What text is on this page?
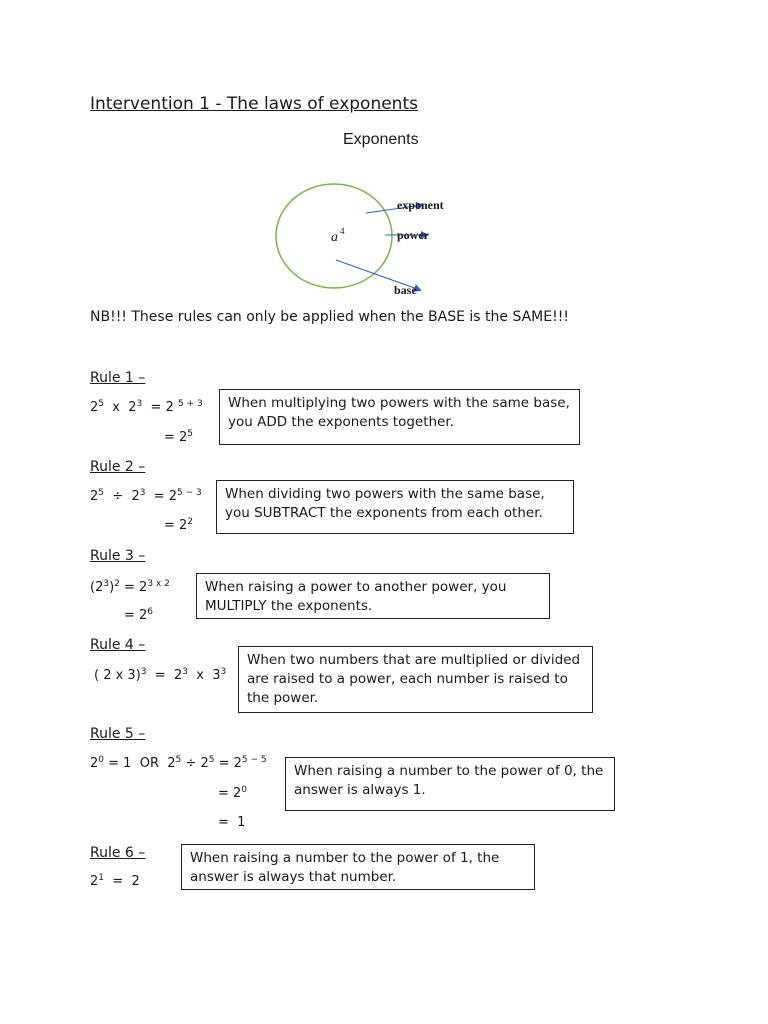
Intervention 1 - The laws of exponents
Exponents
a 4
exponent
power
base
NB!!! These rules can only be applied when the BASE is the SAME!!!
Rule 1 –
$2^5$ x $2^3 = 2$ $^{5 + 3}$
= $2^5$
When multiplying two powers with the same base, you ADD the exponents together.
Rule 2 –
$2^5 \div 2^3 = 2^{5 - 3}$
= $2^2$
When dividing two powers with the same base, you SUBTRACT the exponents from each other.
Rule 3 –
$(2^3)^2 = 2^{3 x 2}$
= $2^6$
When raising a power to another power, you MULTIPLY the exponents.
Rule 4 –
( 2 x $3)^3 = 2^3$ x $3^3$
When two numbers that are multiplied or divided are raised to a power, each number is raised to the power.
Rule 5 –
$2^0 = 1$  OR $2^5 \div 2^5 = 2^{5 - 5}$
= $2^0$
=  1
When raising a number to the power of 0, the answer is always 1.
Rule 6 –
$2^1 = 2$
When raising a number to the power of 1, the answer is always that number.
